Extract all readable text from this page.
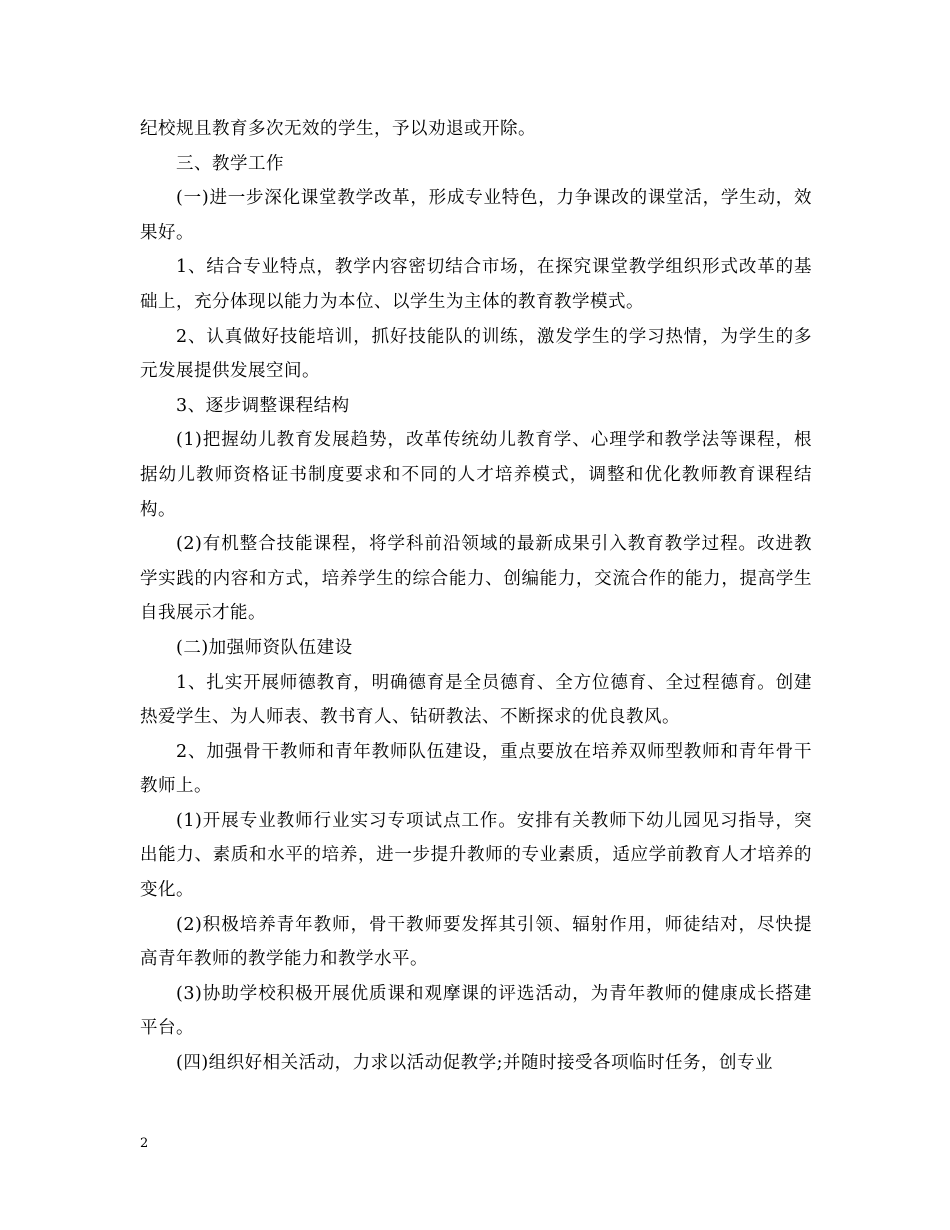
纪校规且教育多次无效的学生，予以劝退或开除。

三、教学工作

(一)进一步深化课堂教学改革，形成专业特色，力争课改的课堂活，学生动，效果好。

1、结合专业特点，教学内容密切结合市场，在探究课堂教学组织形式改革的基础上，充分体现以能力为本位、以学生为主体的教育教学模式。

2、认真做好技能培训，抓好技能队的训练，激发学生的学习热情，为学生的多元发展提供发展空间。

3、逐步调整课程结构

(1)把握幼儿教育发展趋势，改革传统幼儿教育学、心理学和教学法等课程，根据幼儿教师资格证书制度要求和不同的人才培养模式，调整和优化教师教育课程结构。

(2)有机整合技能课程，将学科前沿领域的最新成果引入教育教学过程。改进教学实践的内容和方式，培养学生的综合能力、创编能力，交流合作的能力，提高学生自我展示才能。

(二)加强师资队伍建设

1、扎实开展师德教育，明确德育是全员德育、全方位德育、全过程德育。创建热爱学生、为人师表、教书育人、钻研教法、不断探求的优良教风。

2、加强骨干教师和青年教师队伍建设，重点要放在培养双师型教师和青年骨干教师上。

(1)开展专业教师行业实习专项试点工作。安排有关教师下幼儿园见习指导，突出能力、素质和水平的培养，进一步提升教师的专业素质，适应学前教育人才培养的变化。

(2)积极培养青年教师，骨干教师要发挥其引领、辐射作用，师徒结对，尽快提高青年教师的教学能力和教学水平。

(3)协助学校积极开展优质课和观摩课的评选活动，为青年教师的健康成长搭建平台。

(四)组织好相关活动，力求以活动促教学;并随时接受各项临时任务，创专业

2
